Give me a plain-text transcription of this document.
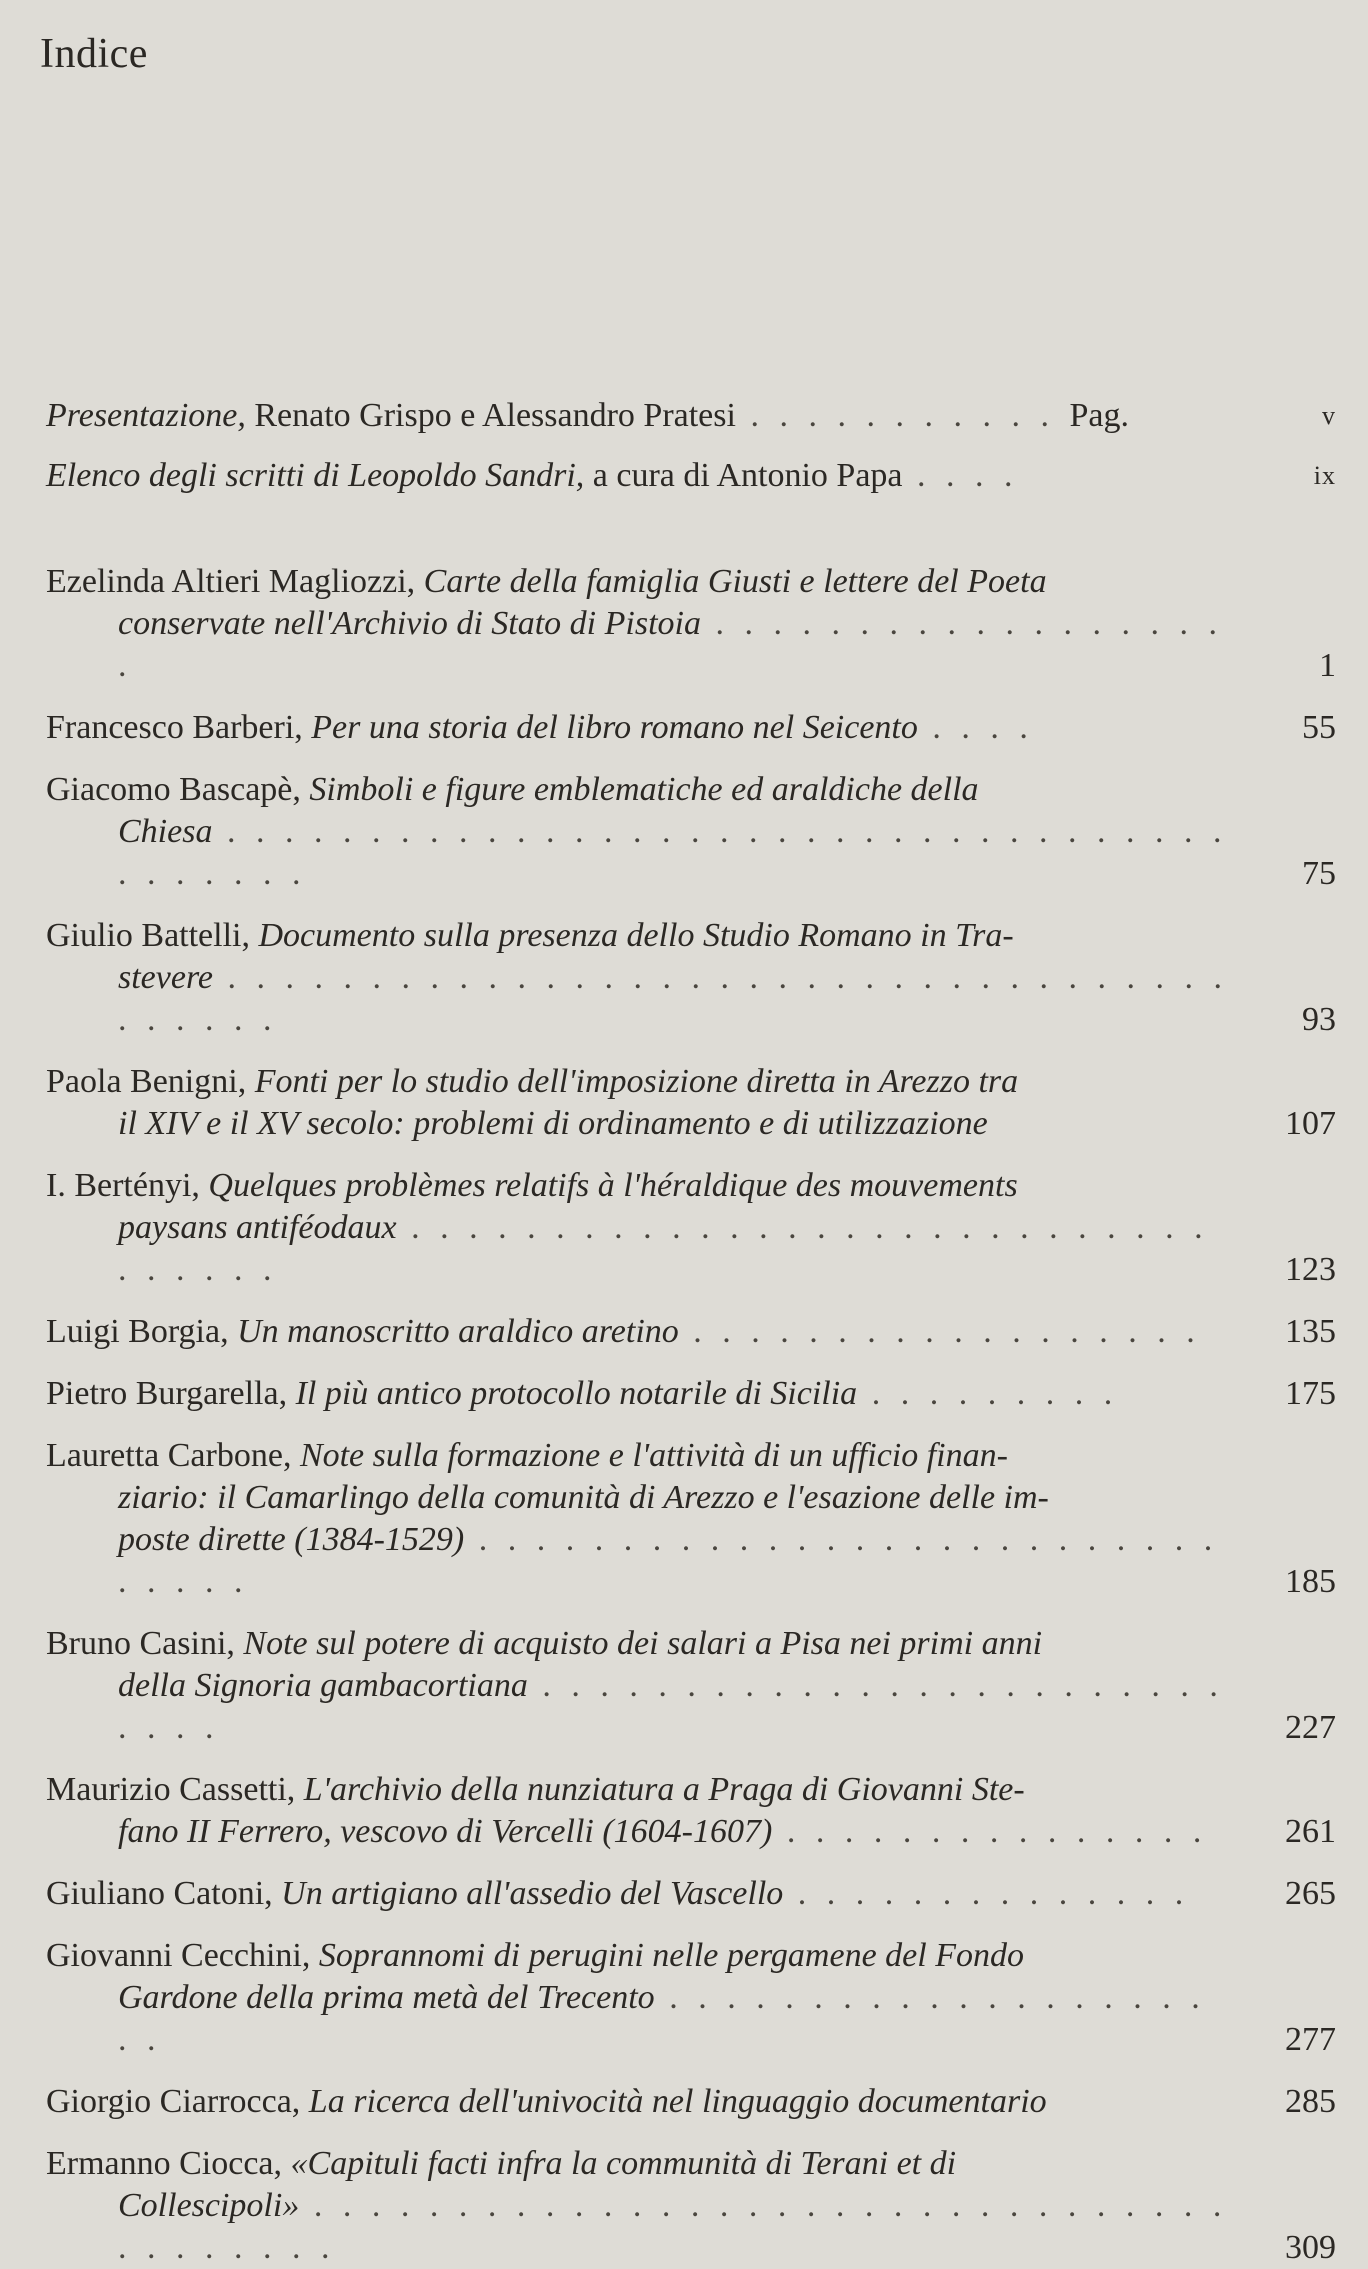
Indice
Presentazione, Renato Grispo e Alessandro Pratesi . . . . . . . . . . . Pag.	v
Elenco degli scritti di Leopoldo Sandri, a cura di Antonio Papa . . . .	ix
Ezelinda Altieri Magliozzi, Carte della famiglia Giusti e lettere del Poeta
conservate nell'Archivio di Stato di Pistoia . . . . . . . . . . . . . . . . . . .	1
Francesco Barberi, Per una storia del libro romano nel Seicento . . . .	55
Giacomo Bascapè, Simboli e figure emblematiche ed araldiche della
Chiesa . . . . . . . . . . . . . . . . . . . . . . . . . . . . . . . . . . . . . . . . . .	75
Giulio Battelli, Documento sulla presenza dello Studio Romano in Tra-
stevere . . . . . . . . . . . . . . . . . . . . . . . . . . . . . . . . . . . . . . . . .	93
Paola Benigni, Fonti per lo studio dell'imposizione diretta in Arezzo tra
il XIV e il XV secolo: problemi di ordinamento e di utilizzazione	107
I. Bertényi, Quelques problèmes relatifs à l'héraldique des mouvements
paysans antiféodaux . . . . . . . . . . . . . . . . . . . . . . . . . . . . . . . . . .	123
Luigi Borgia, Un manoscritto araldico aretino . . . . . . . . . . . . . . . . . .	135
Pietro Burgarella, Il più antico protocollo notarile di Sicilia . . . . . . . . .	175
Lauretta Carbone, Note sulla formazione e l'attività di un ufficio finan-
ziario: il Camarlingo della comunità di Arezzo e l'esazione delle im-
poste dirette (1384-1529) . . . . . . . . . . . . . . . . . . . . . . . . . . . . . . .	185
Bruno Casini, Note sul potere di acquisto dei salari a Pisa nei primi anni
della Signoria gambacortiana . . . . . . . . . . . . . . . . . . . . . . . . . . . .	227
Maurizio Cassetti, L'archivio della nunziatura a Praga di Giovanni Ste-
fano II Ferrero, vescovo di Vercelli (1604-1607) . . . . . . . . . . . . . . .	261
Giuliano Catoni, Un artigiano all'assedio del Vascello . . . . . . . . . . . . . .	265
Giovanni Cecchini, Soprannomi di perugini nelle pergamene del Fondo
Gardone della prima metà del Trecento . . . . . . . . . . . . . . . . . . . . .	277
Giorgio Ciarrocca, La ricerca dell'univocità nel linguaggio documentario	285
Ermanno Ciocca, «Capituli facti infra la communità di Terani et di
Collescipoli» . . . . . . . . . . . . . . . . . . . . . . . . . . . . . . . . . . . . . . . .	309
